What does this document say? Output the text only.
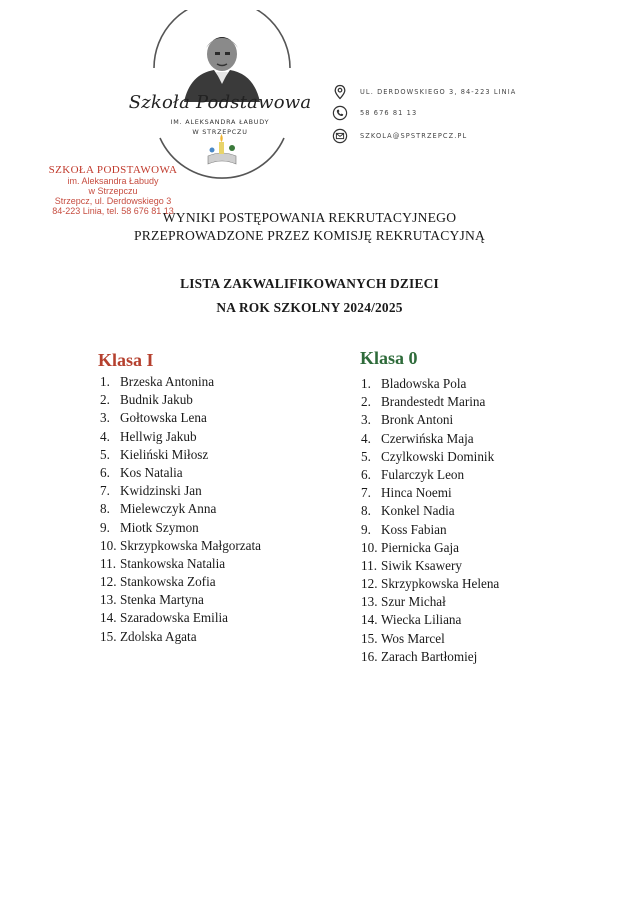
Szkoła Podstawowa
IM. ALEKSANDRA ŁABUDY
W STRZEPCZU
UL. DERDOWSKIEGO 3, 84-223 LINIA
58 676 81 13
SZKOLA@SPSTRZEPCZ.PL
SZKOŁA PODSTAWOWA
im. Aleksandra Łabudy
w Strzepczu
Strzepcz, ul. Derdowskiego 3
84-223 Linia, tel. 58 676 81 13
WYNIKI POSTĘPOWANIA REKRUTACYJNEGO
PRZEPROWADZONE PRZEZ KOMISJĘ REKRUTACYJNĄ
LISTA ZAKWALIFIKOWANYCH DZIECI
NA ROK SZKOLNY 2024/2025
Klasa I
1. Brzeska Antonina
2. Budnik Jakub
3. Gołtowska Lena
4. Hellwig Jakub
5. Kieliński Miłosz
6. Kos Natalia
7. Kwidzinski Jan
8. Mielewczyk Anna
9. Miotk Szymon
10. Skrzypkowska Małgorzata
11. Stankowska Natalia
12. Stankowska Zofia
13. Stenka Martyna
14. Szaradowska Emilia
15. Zdolska Agata
Klasa 0
1. Bladowska Pola
2. Brandestedt Marina
3. Bronk Antoni
4. Czerwińska Maja
5. Czylkowski Dominik
6. Fularczyk Leon
7. Hinca Noemi
8. Konkel Nadia
9. Koss Fabian
10. Piernicka Gaja
11. Siwik Ksawery
12. Skrzypkowska Helena
13. Szur Michał
14. Wiecka Liliana
15. Wos Marcel
16. Zarach Bartłomiej
